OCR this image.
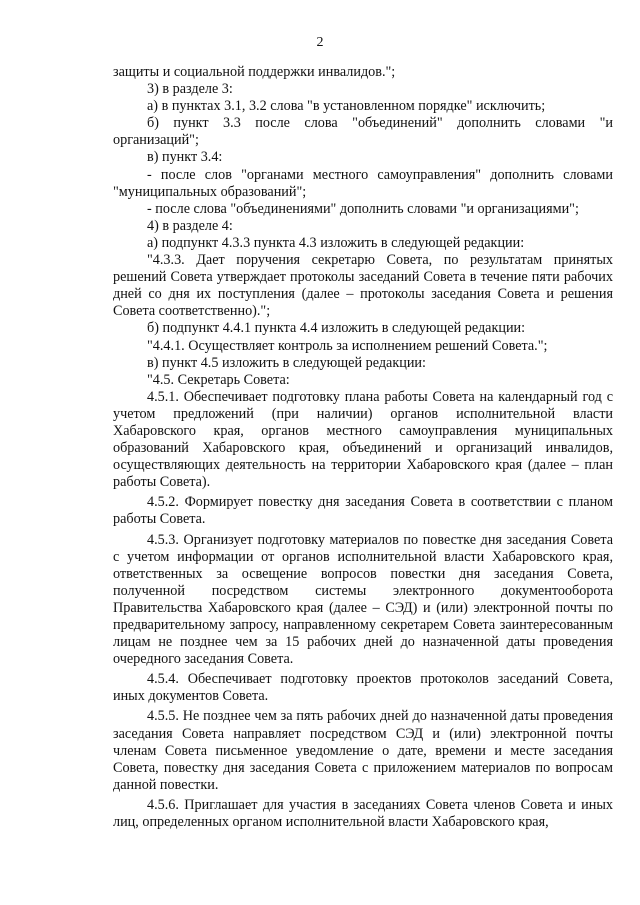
2

защиты и социальной поддержки инвалидов.";

3) в разделе 3:

а) в пунктах 3.1, 3.2 слова "в установленном порядке" исключить;

б) пункт 3.3 после слова "объединений" дополнить словами "и организаций";

в) пункт 3.4:

- после слов "органами местного самоуправления" дополнить словами "муниципальных образований";

- после слова "объединениями" дополнить словами "и организациями";

4) в разделе 4:

а) подпункт 4.3.3 пункта 4.3 изложить в следующей редакции:

"4.3.3. Дает поручения секретарю Совета, по результатам принятых решений Совета утверждает протоколы заседаний Совета в течение пяти рабочих дней со дня их поступления (далее – протоколы заседания Совета и решения Совета соответственно).";

б) подпункт 4.4.1 пункта 4.4 изложить в следующей редакции:

"4.4.1. Осуществляет контроль за исполнением решений Совета.";

в) пункт 4.5 изложить в следующей редакции:

"4.5. Секретарь Совета:

4.5.1. Обеспечивает подготовку плана работы Совета на календарный год с учетом предложений (при наличии) органов исполнительной власти Хабаровского края, органов местного самоуправления муниципальных образований Хабаровского края, объединений и организаций инвалидов, осуществляющих деятельность на территории Хабаровского края (далее – план работы Совета).

4.5.2. Формирует повестку дня заседания Совета в соответствии с планом работы Совета.

4.5.3. Организует подготовку материалов по повестке дня заседания Совета с учетом информации от органов исполнительной власти Хабаровского края, ответственных за освещение вопросов повестки дня заседания Совета, полученной посредством системы электронного документооборота Правительства Хабаровского края (далее – СЭД) и (или) электронной почты по предварительному запросу, направленному секретарем Совета заинтересованным лицам не позднее чем за 15 рабочих дней до назначенной даты проведения очередного заседания Совета.

4.5.4. Обеспечивает подготовку проектов протоколов заседаний Совета, иных документов Совета.

4.5.5. Не позднее чем за пять рабочих дней до назначенной даты проведения заседания Совета направляет посредством СЭД и (или) электронной почты членам Совета письменное уведомление о дате, времени и месте заседания Совета, повестку дня заседания Совета с приложением материалов по вопросам данной повестки.

4.5.6. Приглашает для участия в заседаниях Совета членов Совета и иных лиц, определенных органом исполнительной власти Хабаровского края,
